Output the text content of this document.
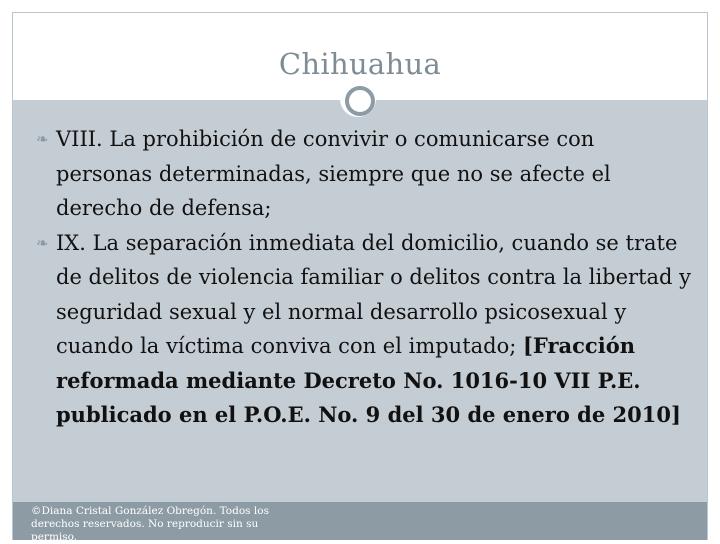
Chihuahua

❧ VIII. La prohibición de convivir o comunicarse con personas determinadas, siempre que no se afecte el derecho de defensa;

❧ IX. La separación inmediata del domicilio, cuando se trate de delitos de violencia familiar o delitos contra la libertad y seguridad sexual y el normal desarrollo psicosexual y cuando la víctima conviva con el imputado; [Fracción reformada mediante Decreto No. 1016-10 VII P.E. publicado en el P.O.E. No. 9 del 30 de enero de 2010]

©Diana Cristal González Obregón. Todos los derechos reservados. No reproducir sin su permiso.
